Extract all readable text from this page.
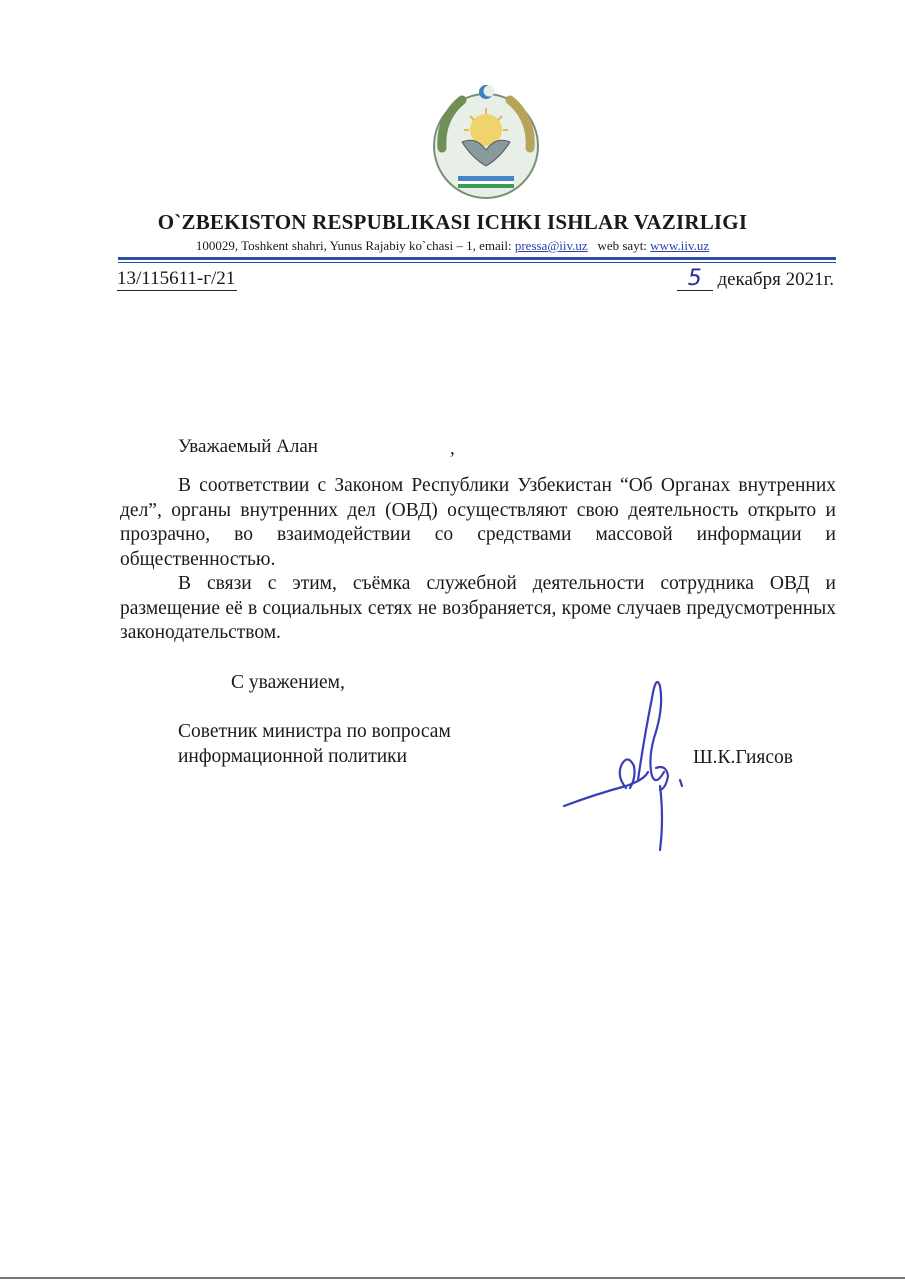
O`ZBEKISTON RESPUBLIKASI ICHKI ISHLAR VAZIRLIGI
100029, Toshkent shahri, Yunus Rajabiy ko`chasi – 1, email: pressa@iiv.uz web sayt: www.iiv.uz
13/115611-г/21	5 декабря 2021г.
Уважаемый Алан	,

В соответствии с Законом Республики Узбекистан “Об Органах внутренних дел”, органы внутренних дел (ОВД) осуществляют свою деятельность открыто и прозрачно, во взаимодействии со средствами массовой информации и общественностью.

В связи с этим, съёмка служебной деятельности сотрудника ОВД и размещение её в социальных сетях не возбраняется, кроме случаев предусмотренных законодательством.

С уважением,
Советник министра по вопросам
информационной политики	Ш.К.Гиясов
